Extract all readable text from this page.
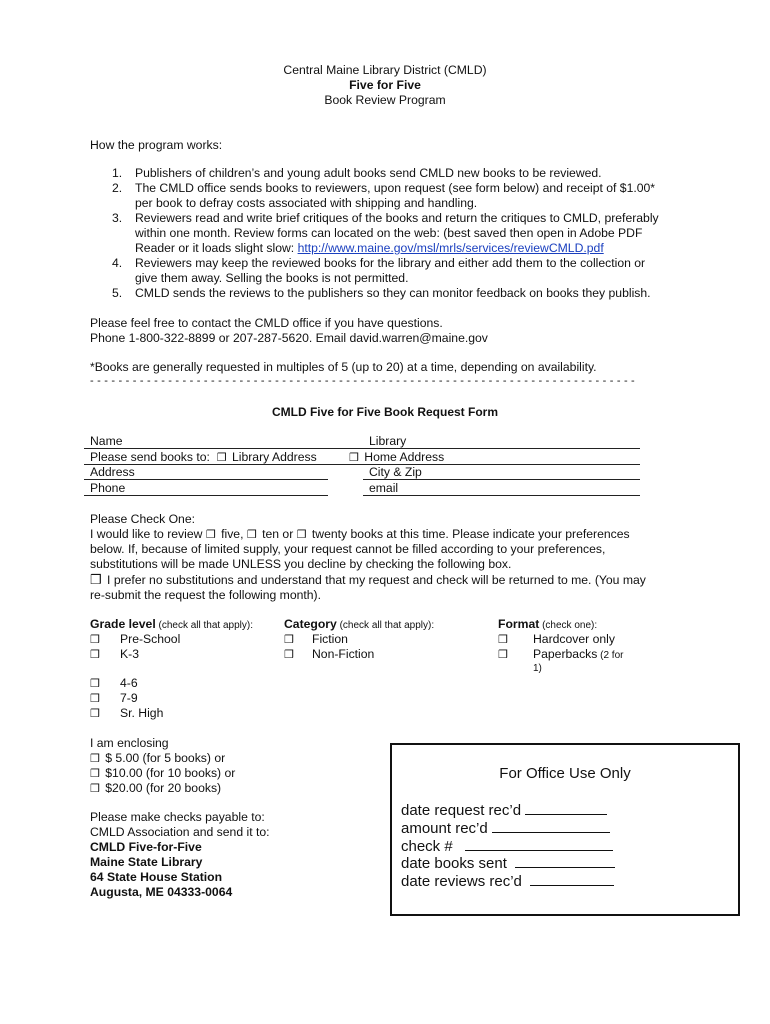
Central Maine Library District (CMLD)
Five for Five
Book Review Program
How the program works:
1. Publishers of children’s and young adult books send CMLD new books to be reviewed.
2. The CMLD office sends books to reviewers, upon request (see form below) and receipt of $1.00*
per book to defray costs associated with shipping and handling.
3. Reviewers read and write brief critiques of the books and return the critiques to CMLD, preferably
within one month. Review forms can located on the web: (best saved then open in Adobe PDF
Reader or it loads slight slow: http://www.maine.gov/msl/mrls/services/reviewCMLD.pdf
4. Reviewers may keep the reviewed books for the library and either add them to the collection or
give them away. Selling the books is not permitted.
5. CMLD sends the reviews to the publishers so they can monitor feedback on books they publish.
Please feel free to contact the CMLD office if you have questions.
Phone 1-800-322-8899 or 207-287-5620. Email david.warren@maine.gov
*Books are generally requested in multiples of 5 (up to 20) at a time, depending on availability.
- - - - - - - - - - - - - - - - - - - - - - - - - - - - - - - - - - - - - - - - - - - - - - - - - - - - - - - - - - - - - - - - - - - - - - - - - - - - -
CMLD Five for Five Book Request Form
Name	Library
Please send books to: ❒ Library Address	❒ Home Address
Address	City & Zip
Phone	email
Please Check One:
I would like to review ❒ five, ❒ ten or ❒ twenty books at this time. Please indicate your preferences
below. If, because of limited supply, your request cannot be filled according to your preferences,
substitutions will be made UNLESS you decline by checking the following box.
❒ I prefer no substitutions and understand that my request and check will be returned to me. (You may
re-submit the request the following month).
Grade level (check all that apply):
❒ Pre-School
❒ K-3
❒ 4-6
❒ 7-9
❒ Sr. High
Category (check all that apply):
❒ Fiction
❒ Non-Fiction
Format (check one):
❒ Hardcover only
❒ Paperbacks (2 for
1)
I am enclosing
❒ $ 5.00 (for 5 books) or
❒ $10.00 (for 10 books) or
❒ $20.00 (for 20 books)
Please make checks payable to:
CMLD Association and send it to:
CMLD Five-for-Five
Maine State Library
64 State House Station
Augusta, ME 04333-0064
For Office Use Only
date request rec’d
amount rec’d
check #
date books sent
date reviews rec’d
